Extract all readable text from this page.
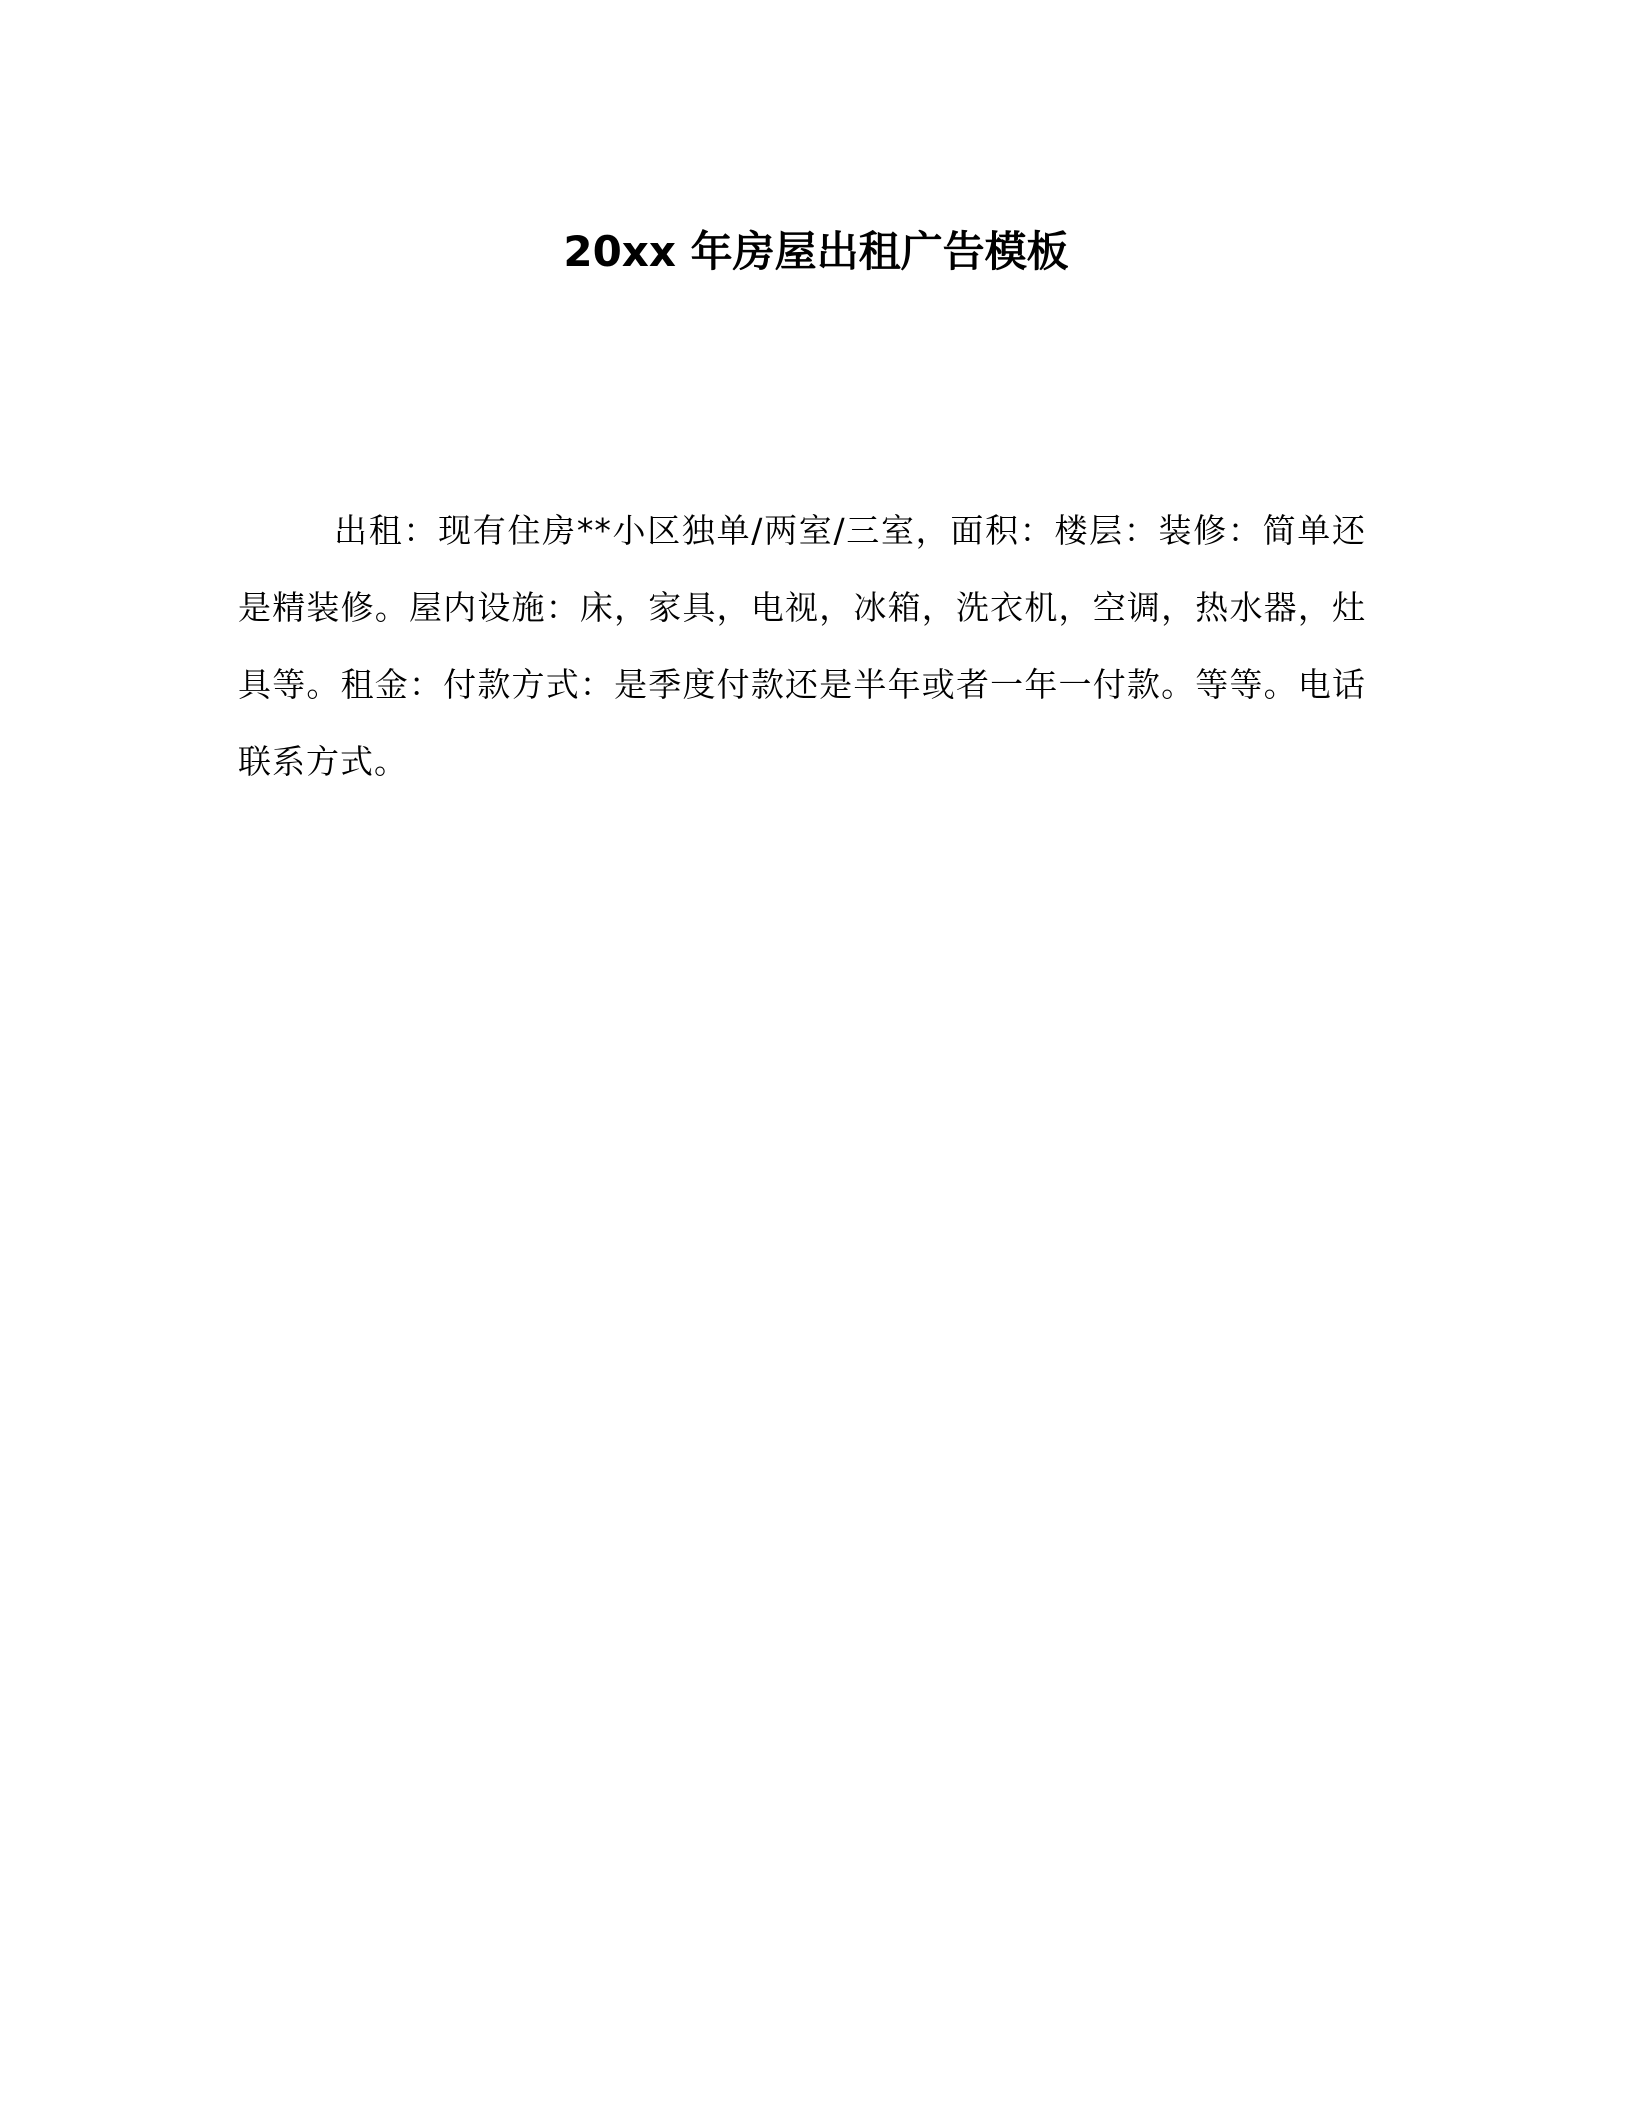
20xx 年房屋出租广告模板

出租：现有住房**小区独单/两室/三室，面积：楼层：装修：简单还是精装修。屋内设施：床，家具，电视，冰箱，洗衣机，空调，热水器，灶具等。租金：付款方式：是季度付款还是半年或者一年一付款。等等。电话联系方式。
